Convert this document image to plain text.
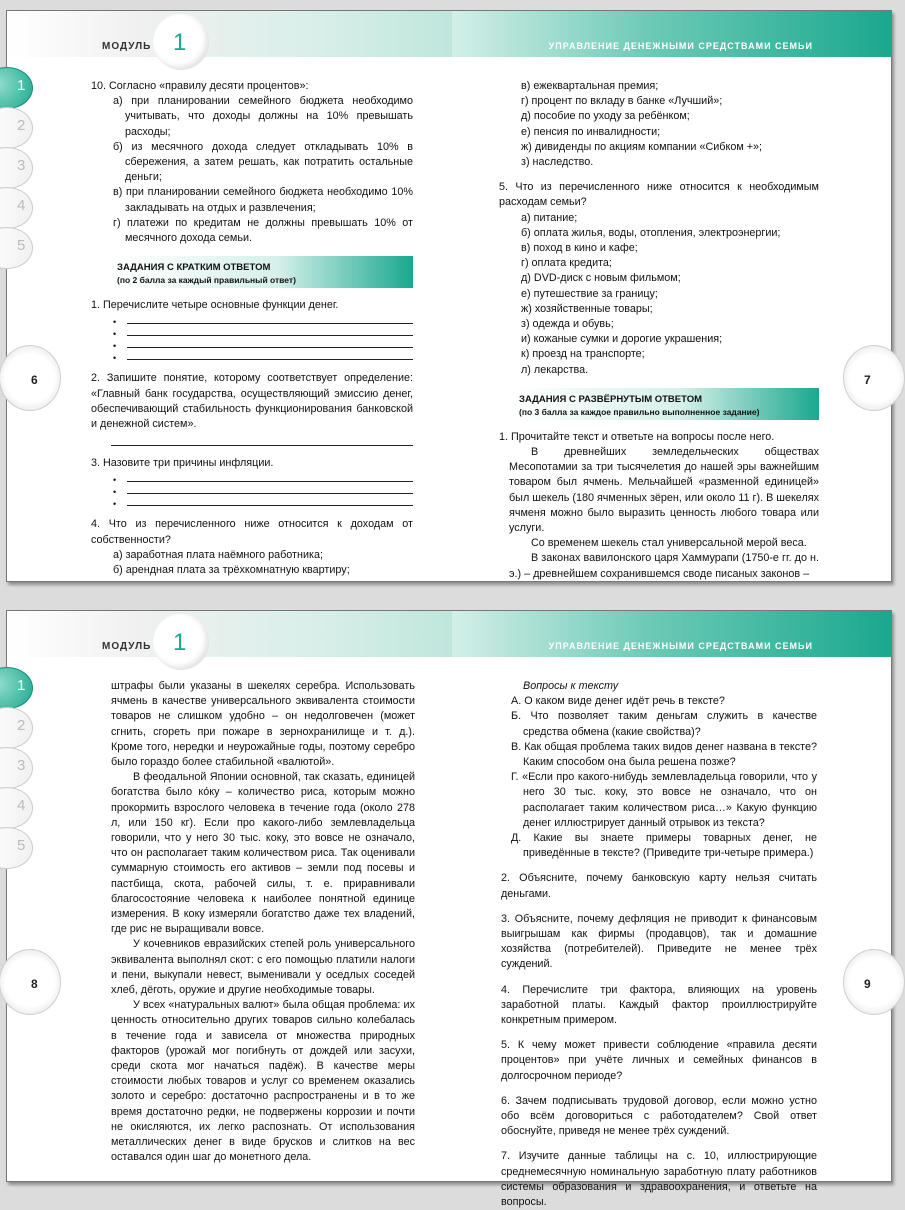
МОДУЛЬ 1	УПРАВЛЕНИЕ ДЕНЕЖНЫМИ СРЕДСТВАМИ СЕМЬИ
1
2
3
4
5
6	7

10. Согласно «правилу десяти процентов»:

а) при планировании семейного бюджета необходимо учитывать, что доходы должны на 10% превышать расходы;

б) из месячного дохода следует откладывать 10% в сбережения, а затем решать, как потратить остальные деньги;

в) при планировании семейного бюджета необходимо 10% закладывать на отдых и развлечения;

г) платежи по кредитам не должны превышать 10% от месячного дохода семьи.

ЗАДАНИЯ С КРАТКИМ ОТВЕТОМ
(по 2 балла за каждый правильный ответ)

1. Перечислите четыре основные функции денег.

•
•
•
•

2. Запишите понятие, которому соответствует определение: «Главный банк государства, осуществляющий эмиссию денег, обеспечивающий стабильность функционирования банковской и денежной систем».

3. Назовите три причины инфляции.

•
•
•

4. Что из перечисленного ниже относится к доходам от собственности?

а) заработная плата наёмного работника;

б) арендная плата за трёхкомнатную квартиру;

в) ежеквартальная премия;

г) процент по вкладу в банке «Лучший»;

д) пособие по уходу за ребёнком;

е) пенсия по инвалидности;

ж) дивиденды по акциям компании «Сибком +»;

з) наследство.

5. Что из перечисленного ниже относится к необходимым расходам семьи?

а) питание;

б) оплата жилья, воды, отопления, электроэнергии;

в) поход в кино и кафе;

г) оплата кредита;

д) DVD-диск с новым фильмом;

е) путешествие за границу;

ж) хозяйственные товары;

з) одежда и обувь;

и) кожаные сумки и дорогие украшения;

к) проезд на транспорте;

л) лекарства.

ЗАДАНИЯ С РАЗВЁРНУТЫМ ОТВЕТОМ
(по 3 балла за каждое правильно выполненное задание)

1. Прочитайте текст и ответьте на вопросы после него.

В древнейших земледельческих обществах Месопотамии за три тысячелетия до нашей эры важнейшим товаром был ячмень. Мельчайшей «разменной единицей» был шекель (180 ячменных зёрен, или около 11 г). В шекелях ячменя можно было выразить ценность любого товара или услуги.

Со временем шекель стал универсальной мерой веса.

В законах вавилонского царя Хаммурапи (1750-е гг. до н. э.) – древнейшем сохранившемся своде писаных законов –

МОДУЛЬ 1	УПРАВЛЕНИЕ ДЕНЕЖНЫМИ СРЕДСТВАМИ СЕМЬИ
1
2
3
4
5
8	9

штрафы были указаны в шекелях серебра. Использовать ячмень в качестве универсального эквивалента стоимости товаров не слишком удобно – он недолговечен (может сгнить, сгореть при пожаре в зернохранилище и т. д.). Кроме того, нередки и неурожайные годы, поэтому серебро было гораздо более стабильной «валютой».

В феодальной Японии основной, так сказать, единицей богатства было ко́ку – количество риса, которым можно прокормить взрослого человека в течение года (около 278 л, или 150 кг). Если про какого-либо землевладельца говорили, что у него 30 тыс. коку, это вовсе не означало, что он располагает таким количеством риса. Так оценивали суммарную стоимость его активов – земли под посевы и пастбища, скота, рабочей силы, т. е. приравнивали благосостояние человека к наиболее понятной единице измерения. В коку измеряли богатство даже тех владений, где рис не выращивали вовсе.

У кочевников евразийских степей роль универсального эквивалента выполнял скот: с его помощью платили налоги и пени, выкупали невест, выменивали у оседлых соседей хлеб, дёготь, оружие и другие необходимые товары.

У всех «натуральных валют» была общая проблема: их ценность относительно других товаров сильно колебалась в течение года и зависела от множества природных факторов (урожай мог погибнуть от дождей или засухи, среди скота мог начаться падёж). В качестве меры стоимости любых товаров и услуг со временем оказались золото и серебро: достаточно распространены и в то же время достаточно редки, не подвержены коррозии и почти не окисляются, их легко распознать. От использования металлических денег в виде брусков и слитков на вес оставался один шаг до монетного дела.

Вопросы к тексту

А. О каком виде денег идёт речь в тексте?

Б. Что позволяет таким деньгам служить в качестве средства обмена (какие свойства)?

В. Как общая проблема таких видов денег названа в тексте? Каким способом она была решена позже?

Г. «Если про какого-нибудь землевладельца говорили, что у него 30 тыс. коку, это вовсе не означало, что он располагает таким количеством риса…» Какую функцию денег иллюстрирует данный отрывок из текста?

Д. Какие вы знаете примеры товарных денег, не приведённые в тексте? (Приведите три-четыре примера.)

2. Объясните, почему банковскую карту нельзя считать деньгами.

3. Объясните, почему дефляция не приводит к финансовым выигрышам как фирмы (продавцов), так и домашние хозяйства (потребителей). Приведите не менее трёх суждений.

4. Перечислите три фактора, влияющих на уровень заработной платы. Каждый фактор проиллюстрируйте конкретным примером.

5. К чему может привести соблюдение «правила десяти процентов» при учёте личных и семейных финансов в долгосрочном периоде?

6. Зачем подписывать трудовой договор, если можно устно обо всём договориться с работодателем? Свой ответ обоснуйте, приведя не менее трёх суждений.

7. Изучите данные таблицы на с. 10, иллюстрирующие среднемесячную номинальную заработную плату работников системы образования и здравоохранения, и ответьте на вопросы.
